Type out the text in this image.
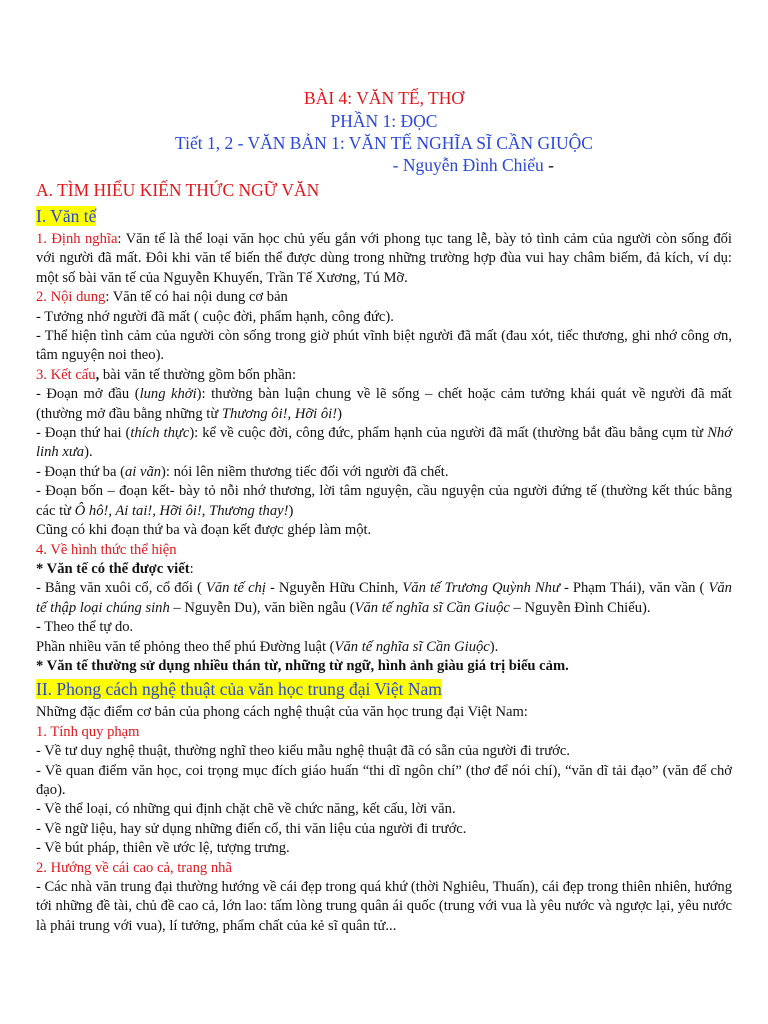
BÀI 4: VĂN TẾ, THƠ
PHẦN 1: ĐỌC
Tiết 1, 2 - VĂN BẢN 1: VĂN TẾ NGHĨA SĨ CẦN GIUỘC
- Nguyễn Đình Chiểu -
A. TÌM HIỂU KIẾN THỨC NGỮ VĂN
I. Văn tế

1. Định nghĩa: Văn tế là thể loại văn học chủ yếu gắn với phong tục tang lễ, bày tỏ tình cảm của người còn sống đối với người đã mất. Đôi khi văn tế biến thể được dùng trong những trường hợp đùa vui hay châm biếm, đả kích, ví dụ: một số bài văn tế của Nguyễn Khuyến, Trần Tế Xương, Tú Mỡ.

2. Nội dung: Văn tế có hai nội dung cơ bản

- Tưởng nhớ người đã mất ( cuộc đời, phẩm hạnh, công đức).

- Thể hiện tình cảm của người còn sống trong giờ phút vĩnh biệt người đã mất (đau xót, tiếc thương, ghi nhớ công ơn, tâm nguyện noi theo).

3. Kết cấu, bài văn tế thường gồm bốn phần:

- Đoạn mở đầu (lung khởi): thường bàn luận chung về lẽ sống – chết hoặc cảm tưởng khái quát về người đã mất (thường mở đầu bằng những từ Thương ôi!, Hỡi ôi!)

- Đoạn thứ hai (thích thực): kể về cuộc đời, công đức, phẩm hạnh của người đã mất (thường bắt đầu bằng cụm từ Nhớ linh xưa).

- Đoạn thứ ba (ai vãn): nói lên niềm thương tiếc đối với người đã chết.

- Đoạn bốn – đoạn kết- bày tỏ nỗi nhớ thương, lời tâm nguyện, cầu nguyện của người đứng tế (thường kết thúc bằng các từ Ô hô!, Ai tai!, Hỡi ôi!, Thương thay!)

Cũng có khi đoạn thứ ba và đoạn kết được ghép làm một.

4. Về hình thức thể hiện

* Văn tế có thể được viết:

- Bằng văn xuôi cổ, cổ đối ( Văn tế chị - Nguyễn Hữu Chỉnh, Văn tế Trương Quỳnh Như - Phạm Thái), văn vần ( Văn tế thập loại chúng sinh – Nguyễn Du), văn biền ngẫu (Văn tế nghĩa sĩ Cần Giuộc – Nguyễn Đình Chiểu).

- Theo thể tự do.

Phần nhiều văn tế phỏng theo thể phú Đường luật (Văn tế nghĩa sĩ Cần Giuộc).

* Văn tế thường sử dụng nhiều thán từ, những từ ngữ, hình ảnh giàu giá trị biểu cảm.

II. Phong cách nghệ thuật của văn học trung đại Việt Nam

Những đặc điểm cơ bản của phong cách nghệ thuật của văn học trung đại Việt Nam:

1. Tính quy phạm

- Về tư duy nghệ thuật, thường nghĩ theo kiểu mẫu nghệ thuật đã có sẵn của người đi trước.

- Về quan điểm văn học, coi trọng mục đích giáo huấn “thi dĩ ngôn chí” (thơ để nói chí), “văn dĩ tải đạo” (văn để chở đạo).

- Về thể loại, có những qui định chặt chẽ về chức năng, kết cấu, lời văn.

- Về ngữ liệu, hay sử dụng những điển cố, thi văn liệu của người đi trước.

- Về bút pháp, thiên về ước lệ, tượng trưng.

2. Hướng về cái cao cả, trang nhã

- Các nhà văn trung đại thường hướng về cái đẹp trong quá khứ (thời Nghiêu, Thuấn), cái đẹp trong thiên nhiên, hướng tới những đề tài, chủ đề cao cả, lớn lao: tấm lòng trung quân ái quốc (trung với vua là yêu nước và ngược lại, yêu nước là phải trung với vua), lí tưởng, phẩm chất của kẻ sĩ quân tử...
